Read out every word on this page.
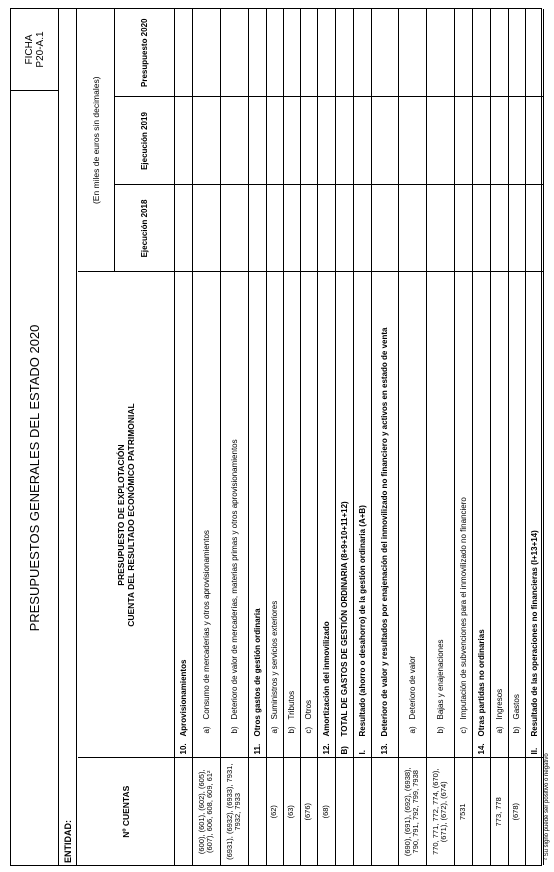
PRESUPUESTOS GENERALES DEL ESTADO 2020
FICHA P20-A.1
ENTIDAD:
Nº CUENTAS	PRESUPUESTO DE EXPLOTACIÓN CUENTA DEL RESULTADO ECONÓMICO PATRIMONIAL	(En miles de euros sin decimales)		
		Ejecución 2018	Ejecución 2019	Presupuesto 2020
	10.Aprovisionamientos			
(600), (601), (602), (605), (607), 606, 608, 609, 61²	a)Consumo de mercaderías y otros aprovisionamientos			
(6931), (6932), (6933), 7931, 7932, 7933	b)Deterioro de valor de mercaderías, materias primas y otros aprovisionamientos			
	11.Otros gastos de gestión ordinaria			
(62)	a)Suministros y servicios exteriores			
(63)	b)Tributos			
(676)	c)Otros			
(68)	12.Amortización del inmovilizado			
	B)TOTAL DE GASTOS DE GESTIÓN ORDINARIA (8+9+10+11+12)			
	I.Resultado (ahorro o desahorro) de la gestión ordinaria (A+B)			
	13.Deterioro de valor y resultados por enajenación del inmovilizado no financiero y activos en estado de venta			
(690), (691), (692), (6938), 790, 791, 792, 799, 7938	a)Deterioro de valor			
770, 771, 772, 774, (670), (671), (672), (674)	b)Bajas y enajenaciones			
7531	c)Imputación de subvenciones para el inmovilizado no financiero			
	14.Otras partidas no ordinarias			
773, 778	a)Ingresos			
(678)	b)Gastos			
	II.Resultado de las operaciones no financieras (I+13+14)			
² Su signo puede ser positivo o negativo
